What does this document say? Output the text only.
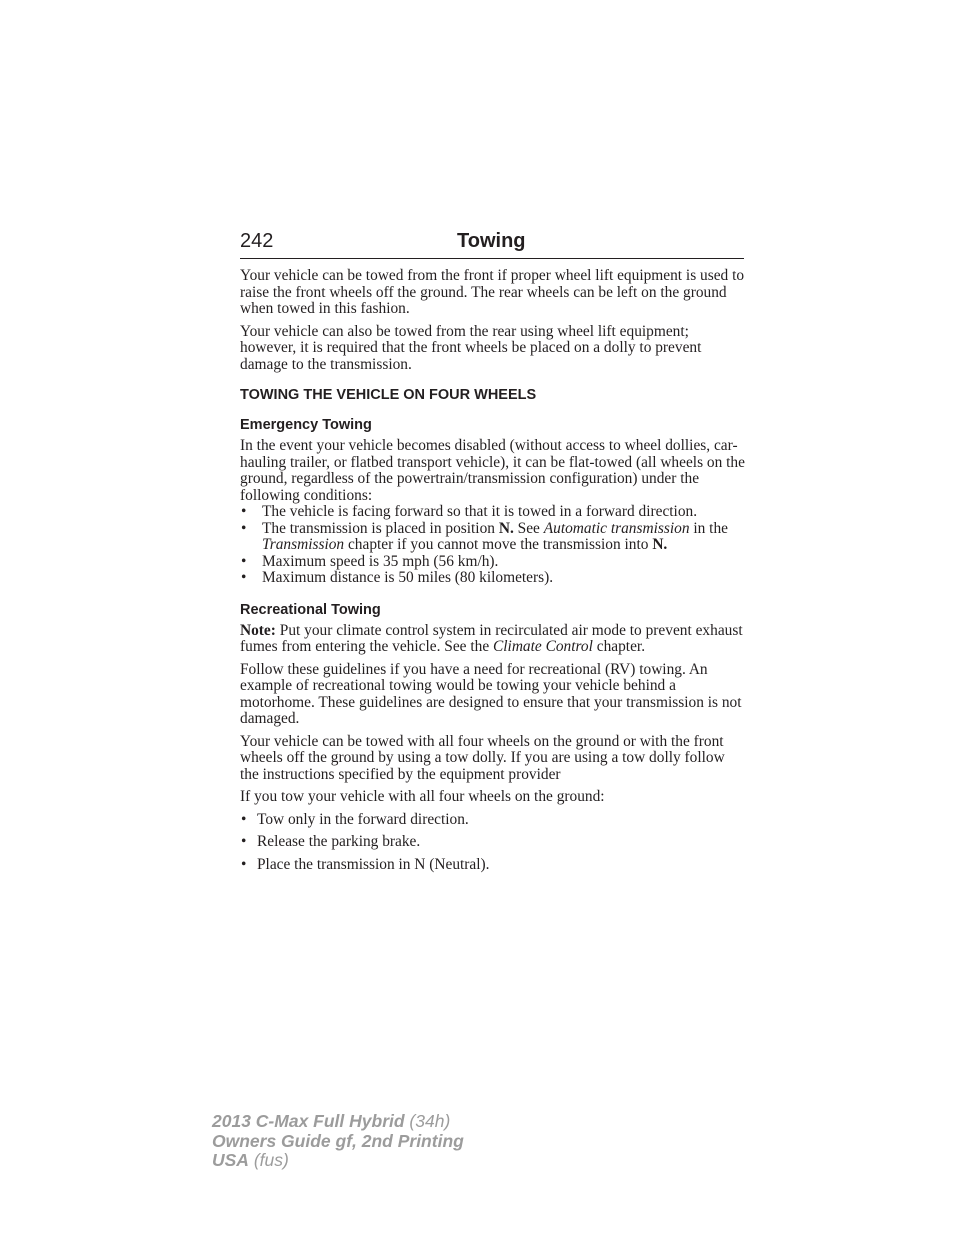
242	Towing

Your vehicle can be towed from the front if proper wheel lift equipment is used to raise the front wheels off the ground. The rear wheels can be left on the ground when towed in this fashion.

Your vehicle can also be towed from the rear using wheel lift equipment; however, it is required that the front wheels be placed on a dolly to prevent damage to the transmission.

TOWING THE VEHICLE ON FOUR WHEELS
Emergency Towing

In the event your vehicle becomes disabled (without access to wheel dollies, car-hauling trailer, or flatbed transport vehicle), it can be flat-towed (all wheels on the ground, regardless of the powertrain/transmission configuration) under the following conditions:

• The vehicle is facing forward so that it is towed in a forward direction.
• The transmission is placed in position N. See Automatic transmission in the Transmission chapter if you cannot move the transmission into N.
• Maximum speed is 35 mph (56 km/h).
• Maximum distance is 50 miles (80 kilometers).
Recreational Towing

Note: Put your climate control system in recirculated air mode to prevent exhaust fumes from entering the vehicle. See the Climate Control chapter.

Follow these guidelines if you have a need for recreational (RV) towing. An example of recreational towing would be towing your vehicle behind a motorhome. These guidelines are designed to ensure that your transmission is not damaged.

Your vehicle can be towed with all four wheels on the ground or with the front wheels off the ground by using a tow dolly. If you are using a tow dolly follow the instructions specified by the equipment provider

If you tow your vehicle with all four wheels on the ground:

• Tow only in the forward direction.
• Release the parking brake.
• Place the transmission in N (Neutral).
2013 C-Max Full Hybrid (34h)
Owners Guide gf, 2nd Printing
USA (fus)
